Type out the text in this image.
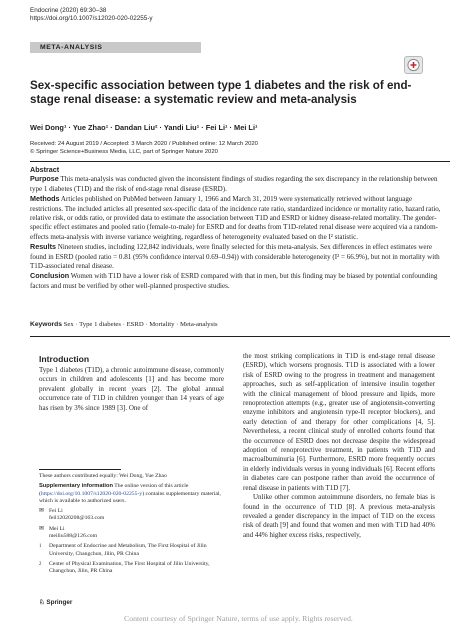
Endocrine (2020) 69:30–38
https://doi.org/10.1007/s12020-020-02255-y
META-ANALYSIS
Sex-specific association between type 1 diabetes and the risk of end-stage renal disease: a systematic review and meta-analysis
Wei Dong¹ · Yue Zhao¹ · Dandan Liu² · Yandi Liu¹ · Fei Li¹ · Mei Li¹
Received: 24 August 2019 / Accepted: 3 March 2020 / Published online: 12 March 2020
© Springer Science+Business Media, LLC, part of Springer Nature 2020

Abstract

Purpose This meta-analysis was conducted given the inconsistent findings of studies regarding the sex discrepancy in the relationship between type 1 diabetes (T1D) and the risk of end-stage renal disease (ESRD).

Methods Articles published on PubMed between January 1, 1966 and March 31, 2019 were systematically retrieved without language restrictions. The included articles all presented sex-specific data of the incidence rate ratio, standardized incidence or mortality ratio, hazard ratio, relative risk, or odds ratio, or provided data to estimate the association between T1D and ESRD or kidney disease-related mortality. The gender-specific effect estimates and pooled ratio (female-to-male) for ESRD and for deaths from T1D-related renal disease were acquired via a random-effects meta-analysis with inverse variance weighting, regardless of heterogeneity evaluated based on the I² statistic.

Results Nineteen studies, including 122,842 individuals, were finally selected for this meta-analysis. Sex differences in effect estimates were found in ESRD (pooled ratio = 0.81 (95% confidence interval 0.69–0.94)) with considerable heterogeneity (I² = 66.9%), but not in mortality with T1D-associated renal disease.

Conclusion Women with T1D have a lower risk of ESRD compared with that in men, but this finding may be biased by potential confounding factors and must be verified by other well-planned prospective studies.

Keywords Sex · Type 1 diabetes · ESRD · Mortality · Meta-analysis
Introduction
Type 1 diabetes (T1D), a chronic autoimmune disease, commonly occurs in children and adolescents [1] and has become more prevalent globally in recent years [2]. The global annual occurrence rate of T1D in children younger than 14 years of age has risen by 3% since 1989 [3]. One of
These authors contributed equally: Wei Dong, Yue Zhao
Supplementary information The online version of this article (https://doi.org/10.1007/s12020-020-02255-y) contains supplementary material, which is available to authorized users.
✉ Fei Li
feil12020208@163.com
✉ Mei Li
meiliu588@126.com
1 Department of Endocrine and Metabolism, The First Hospital of Jilin University, Changchun, Jilin, PR China
2 Center of Physical Examination, The First Hospital of Jilin University, Changchun, Jilin, PR China

the most striking complications in T1D is end-stage renal disease (ESRD), which worsens prognosis. T1D is associated with a lower risk of ESRD owing to the progress in treatment and management approaches, such as self-application of intensive insulin together with the clinical management of blood pressure and lipids, more renoprotection attempts (e.g., greater use of angiotensin-converting enzyme inhibitors and angiotensin type-II receptor blockers), and early detection of and therapy for other complications [4, 5]. Nevertheless, a recent clinical study of enrolled cohorts found that the occurrence of ESRD does not decrease despite the widespread adoption of renoprotective treatment, in patients with T1D and macroalbuminuria [6]. Furthermore, ESRD more frequently occurs in elderly individuals versus in young individuals [6]. Recent efforts in diabetes care can postpone rather than avoid the occurrence of renal disease in patients with T1D [7].

Unlike other common autoimmune disorders, no female bias is found in the occurrence of T1D [8]. A previous meta-analysis revealed a gender discrepancy in the impact of T1D on the excess risk of death [9] and found that women and men with T1D had 40% and 44% higher excess risks, respectively,

♘ Springer
Content courtesy of Springer Nature, terms of use apply. Rights reserved.
